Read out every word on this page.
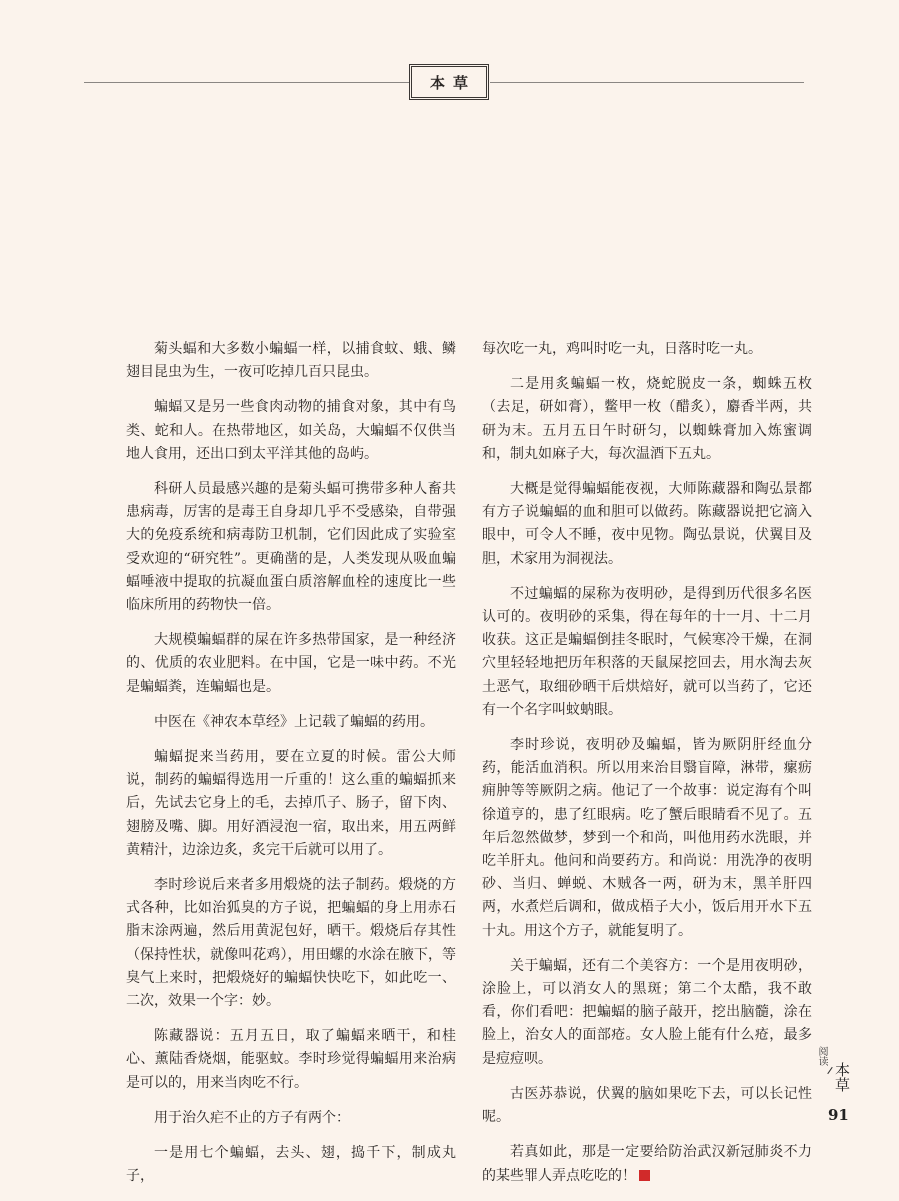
本草

菊头蝠和大多数小蝙蝠一样，以捕食蚊、蛾、鳞翅目昆虫为生，一夜可吃掉几百只昆虫。

蝙蝠又是另一些食肉动物的捕食对象，其中有鸟类、蛇和人。在热带地区，如关岛，大蝙蝠不仅供当地人食用，还出口到太平洋其他的岛屿。

科研人员最感兴趣的是菊头蝠可携带多种人畜共患病毒，厉害的是毒王自身却几乎不受感染，自带强大的免疫系统和病毒防卫机制，它们因此成了实验室受欢迎的“研究牲”。更确凿的是，人类发现从吸血蝙蝠唾液中提取的抗凝血蛋白质溶解血栓的速度比一些临床所用的药物快一倍。

大规模蝙蝠群的屎在许多热带国家，是一种经济的、优质的农业肥料。在中国，它是一味中药。不光是蝙蝠粪，连蝙蝠也是。

中医在《神农本草经》上记载了蝙蝠的药用。

蝙蝠捉来当药用，要在立夏的时候。雷公大师说，制药的蝙蝠得选用一斤重的！这么重的蝙蝠抓来后，先试去它身上的毛，去掉爪子、肠子，留下肉、翅膀及嘴、脚。用好酒浸泡一宿，取出来，用五两鲜黄精汁，边涂边炙，炙完干后就可以用了。

李时珍说后来者多用煅烧的法子制药。煅烧的方式各种，比如治狐臭的方子说，把蝙蝠的身上用赤石脂末涂两遍，然后用黄泥包好，晒干。煅烧后存其性（保持性状，就像叫花鸡），用田螺的水涂在腋下，等臭气上来时，把煅烧好的蝙蝠快快吃下，如此吃一、二次，效果一个字：妙。

陈藏器说：五月五日，取了蝙蝠来晒干，和桂心、薰陆香烧烟，能驱蚊。李时珍觉得蝙蝠用来治病是可以的，用来当肉吃不行。

用于治久疟不止的方子有两个：

一是用七个蝙蝠，去头、翅，捣千下，制成丸子，

每次吃一丸，鸡叫时吃一丸，日落时吃一丸。

二是用炙蝙蝠一枚，烧蛇脱皮一条，蜘蛛五枚（去足，研如膏），鳖甲一枚（醋炙），麝香半两，共研为末。五月五日午时研匀，以蜘蛛膏加入炼蜜调和，制丸如麻子大，每次温酒下五丸。

大概是觉得蝙蝠能夜视，大师陈藏器和陶弘景都有方子说蝙蝠的血和胆可以做药。陈藏器说把它滴入眼中，可令人不睡，夜中见物。陶弘景说，伏翼目及胆，术家用为洞视法。

不过蝙蝠的屎称为夜明砂，是得到历代很多名医认可的。夜明砂的采集，得在每年的十一月、十二月收获。这正是蝙蝠倒挂冬眠时，气候寒冷干燥，在洞穴里轻轻地把历年积落的天鼠屎挖回去，用水淘去灰土恶气，取细砂晒干后烘焙好，就可以当药了，它还有一个名字叫蚊蚋眼。

李时珍说，夜明砂及蝙蝠，皆为厥阴肝经血分药，能活血消积。所以用来治目翳盲障，淋带，瘰疬痈肿等等厥阴之病。他记了一个故事：说定海有个叫徐道亨的，患了红眼病。吃了蟹后眼睛看不见了。五年后忽然做梦，梦到一个和尚，叫他用药水洗眼，并吃羊肝丸。他问和尚要药方。和尚说：用洗净的夜明砂、当归、蝉蜕、木贼各一两，研为末，黑羊肝四两，水煮烂后调和，做成梧子大小，饭后用开水下五十丸。用这个方子，就能复明了。

关于蝙蝠，还有二个美容方：一个是用夜明砂，涂脸上，可以消女人的黑斑；第二个太酷，我不敢看，你们看吧：把蝙蝠的脑子敲开，挖出脑髓，涂在脸上，治女人的面部疮。女人脸上能有什么疮，最多是痘痘呗。

古医苏恭说，伏翼的脑如果吃下去，可以长记性呢。

若真如此，那是一定要给防治武汉新冠肺炎不力的某些罪人弄点吃吃的！

阅读
本草
91
